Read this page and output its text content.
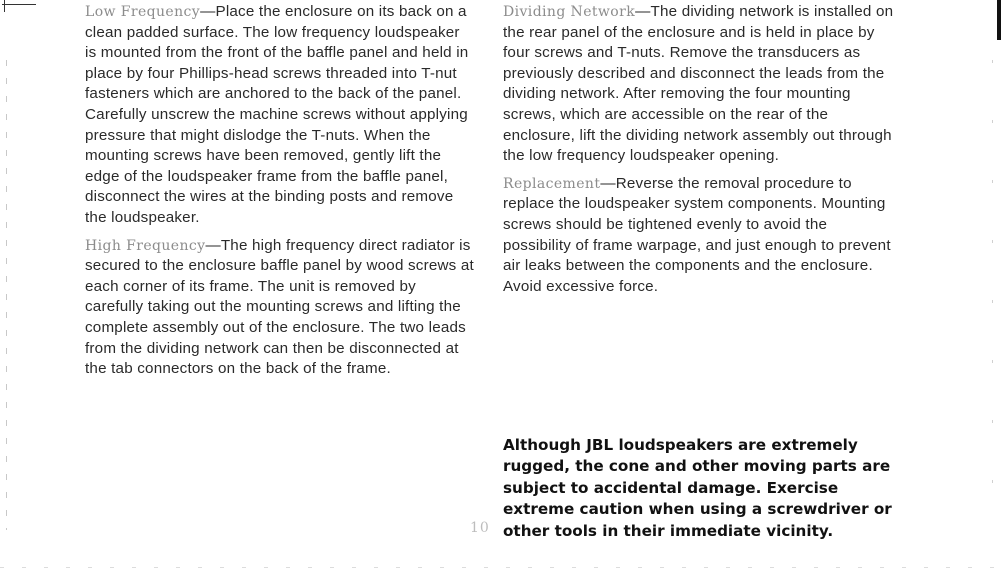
Low Frequency—Place the enclosure on its back on a clean padded surface. The low frequency loudspeaker is mounted from the front of the baffle panel and held in place by four Phillips-head screws threaded into T-nut fasteners which are anchored to the back of the panel. Carefully unscrew the machine screws without applying pressure that might dislodge the T-nuts. When the mounting screws have been removed, gently lift the edge of the loudspeaker frame from the baffle panel, disconnect the wires at the binding posts and remove the loudspeaker.

High Frequency—The high frequency direct radiator is secured to the enclosure baffle panel by wood screws at each corner of its frame. The unit is removed by carefully taking out the mounting screws and lifting the complete assembly out of the enclosure. The two leads from the dividing network can then be disconnected at the tab connectors on the back of the frame.

Dividing Network—The dividing network is installed on the rear panel of the enclosure and is held in place by four screws and T-nuts. Remove the transducers as previously described and disconnect the leads from the dividing network. After removing the four mounting screws, which are accessible on the rear of the enclosure, lift the dividing network assembly out through the low frequency loudspeaker opening.

Replacement—Reverse the removal procedure to replace the loudspeaker system components. Mounting screws should be tightened evenly to avoid the possibility of frame warpage, and just enough to prevent air leaks between the components and the enclosure. Avoid excessive force.

Although JBL loudspeakers are extremely rugged, the cone and other moving parts are subject to accidental damage. Exercise extreme caution when using a screwdriver or other tools in their immediate vicinity.
10
